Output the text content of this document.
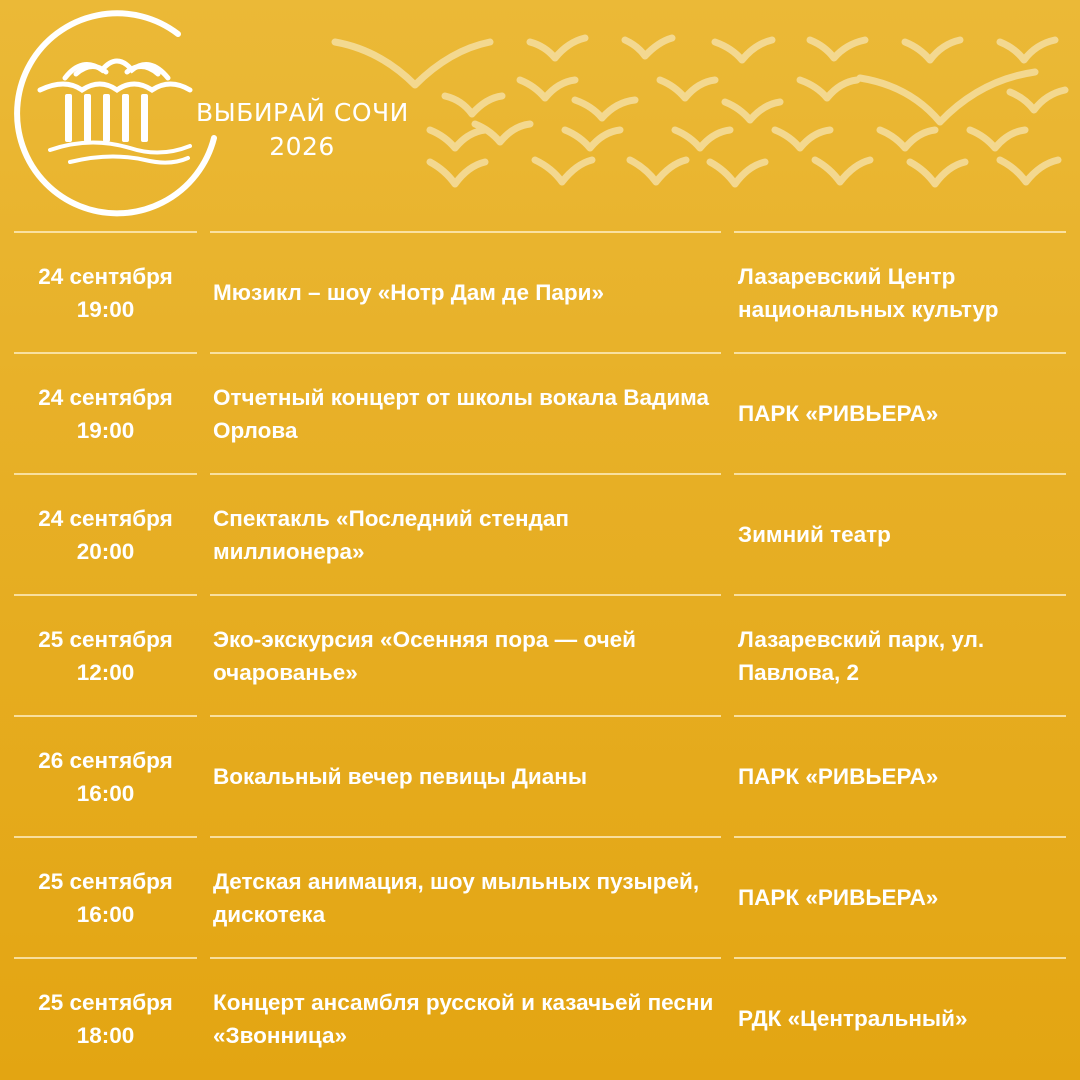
ВЫБИРАЙ СОЧИ
2026
24 сентября
19:00
Мюзикл – шоу «Нотр Дам де Пари»
Лазаревский Центр национальных культур
24 сентября
19:00
Отчетный концерт от школы вокала Вадима Орлова
ПАРК «РИВЬЕРА»
24 сентября
20:00
Спектакль «Последний стендап миллионера»
Зимний театр
25 сентября
12:00
Эко-экскурсия «Осенняя пора — очей очарованье»
Лазаревский парк, ул. Павлова, 2
26 сентября
16:00
Вокальный вечер певицы Дианы	ПАРК «РИВЬЕРА»
25 сентября
16:00
Детская анимация, шоу мыльных пузырей, дискотека
ПАРК «РИВЬЕРА»
25 сентября
18:00
Концерт ансамбля русской и казачьей песни «Звонница»
РДК «Центральный»
